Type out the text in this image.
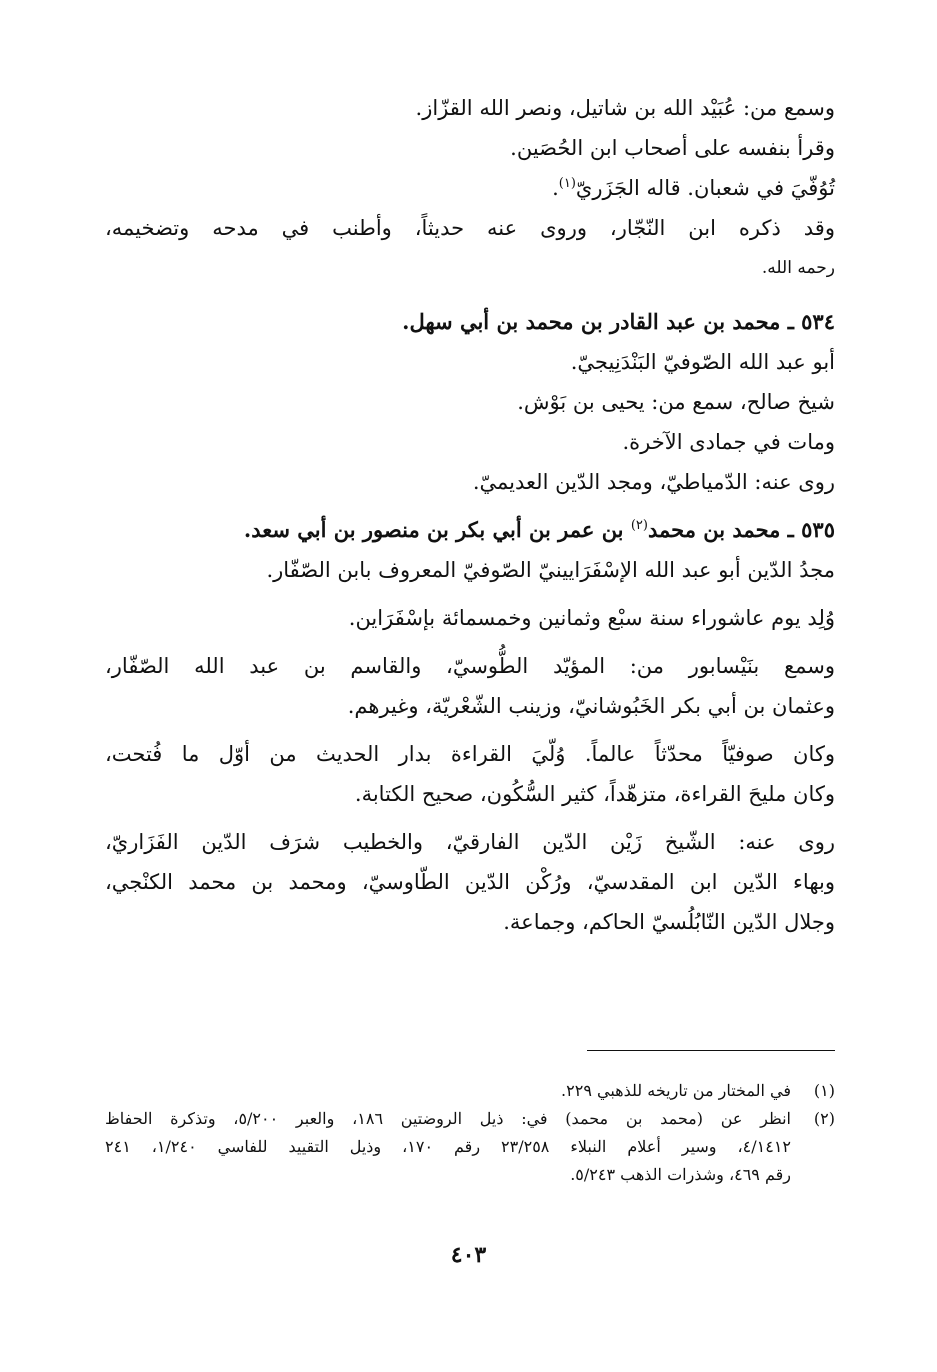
وسمع من: عُبَيْد الله بن شاتيل، ونصر الله القزّاز.
وقرأ بنفسه على أصحاب ابن الحُصَين.
تُوُفّيَ في شعبان. قاله الجَزَريّ$^{(١)}$.
وقد ذكره ابن النّجّار، وروى عنه حديثاً، وأطنب في مدحه وتضخيمه،
رحمه الله.
٥٣٤ ـ محمد بن عبد القادر بن محمد بن أبي سهل.
أبو عبد الله الصّوفيّ البَنْدَنِيجيّ.
شيخ صالح، سمع من: يحيى بن بَوْش.
ومات في جمادى الآخرة.
روى عنه: الدّمياطيّ، ومجد الدّين العديميّ.
٥٣٥ ـ محمد بن محمد$^{(٢)}$ بن عمر بن أبي بكر بن منصور بن أبي سعد.
مجدُ الدّين أبو عبد الله الإسْفَرَايينيّ الصّوفيّ المعروف بابن الصّفّار.
وُلِد يوم عاشوراء سنة سبْع وثمانين وخمسمائة بإسْفَرَاين.
وسمع بنَيْسابور من: المؤيّد الطُّوسيّ، والقاسم بن عبد الله الصّفّار،
وعثمان بن أبي بكر الخَبُوشانيّ، وزينب الشّعْريّة، وغيرهم.
وكان صوفيّاً محدّثاً عالماً. وُلّيَ القراءة بدار الحديث من أوّل ما فُتحت،
وكان مليحَ القراءة، متزهّداً، كثير السُّكُون، صحيح الكتابة.
روى عنه: الشّيخ زَيْن الدّين الفارقيّ، والخطيب شرَف الدّين الفَزَاريّ،
وبهاء الدّين ابن المقدسيّ، ورُكْن الدّين الطّاوسيّ، ومحمد بن محمد الكنْجي،
وجلال الدّين النّابُلُسيّ الحاكم، وجماعة.
(١)
في المختار من تاريخه للذهبي ٢٢٩.
(٢)
انظر عن (محمد بن محمد) في: ذيل الروضتين ١٨٦، والعبر ٥/٢٠٠، وتذكرة الحفاظ
٤/١٤١٢، وسير أعلام النبلاء ٢٣/٢٥٨ رقم ١٧٠، وذيل التقييد للفاسي ١/٢٤٠، ٢٤١
رقم ٤٦٩، وشذرات الذهب ٥/٢٤٣.
٤٠٣
